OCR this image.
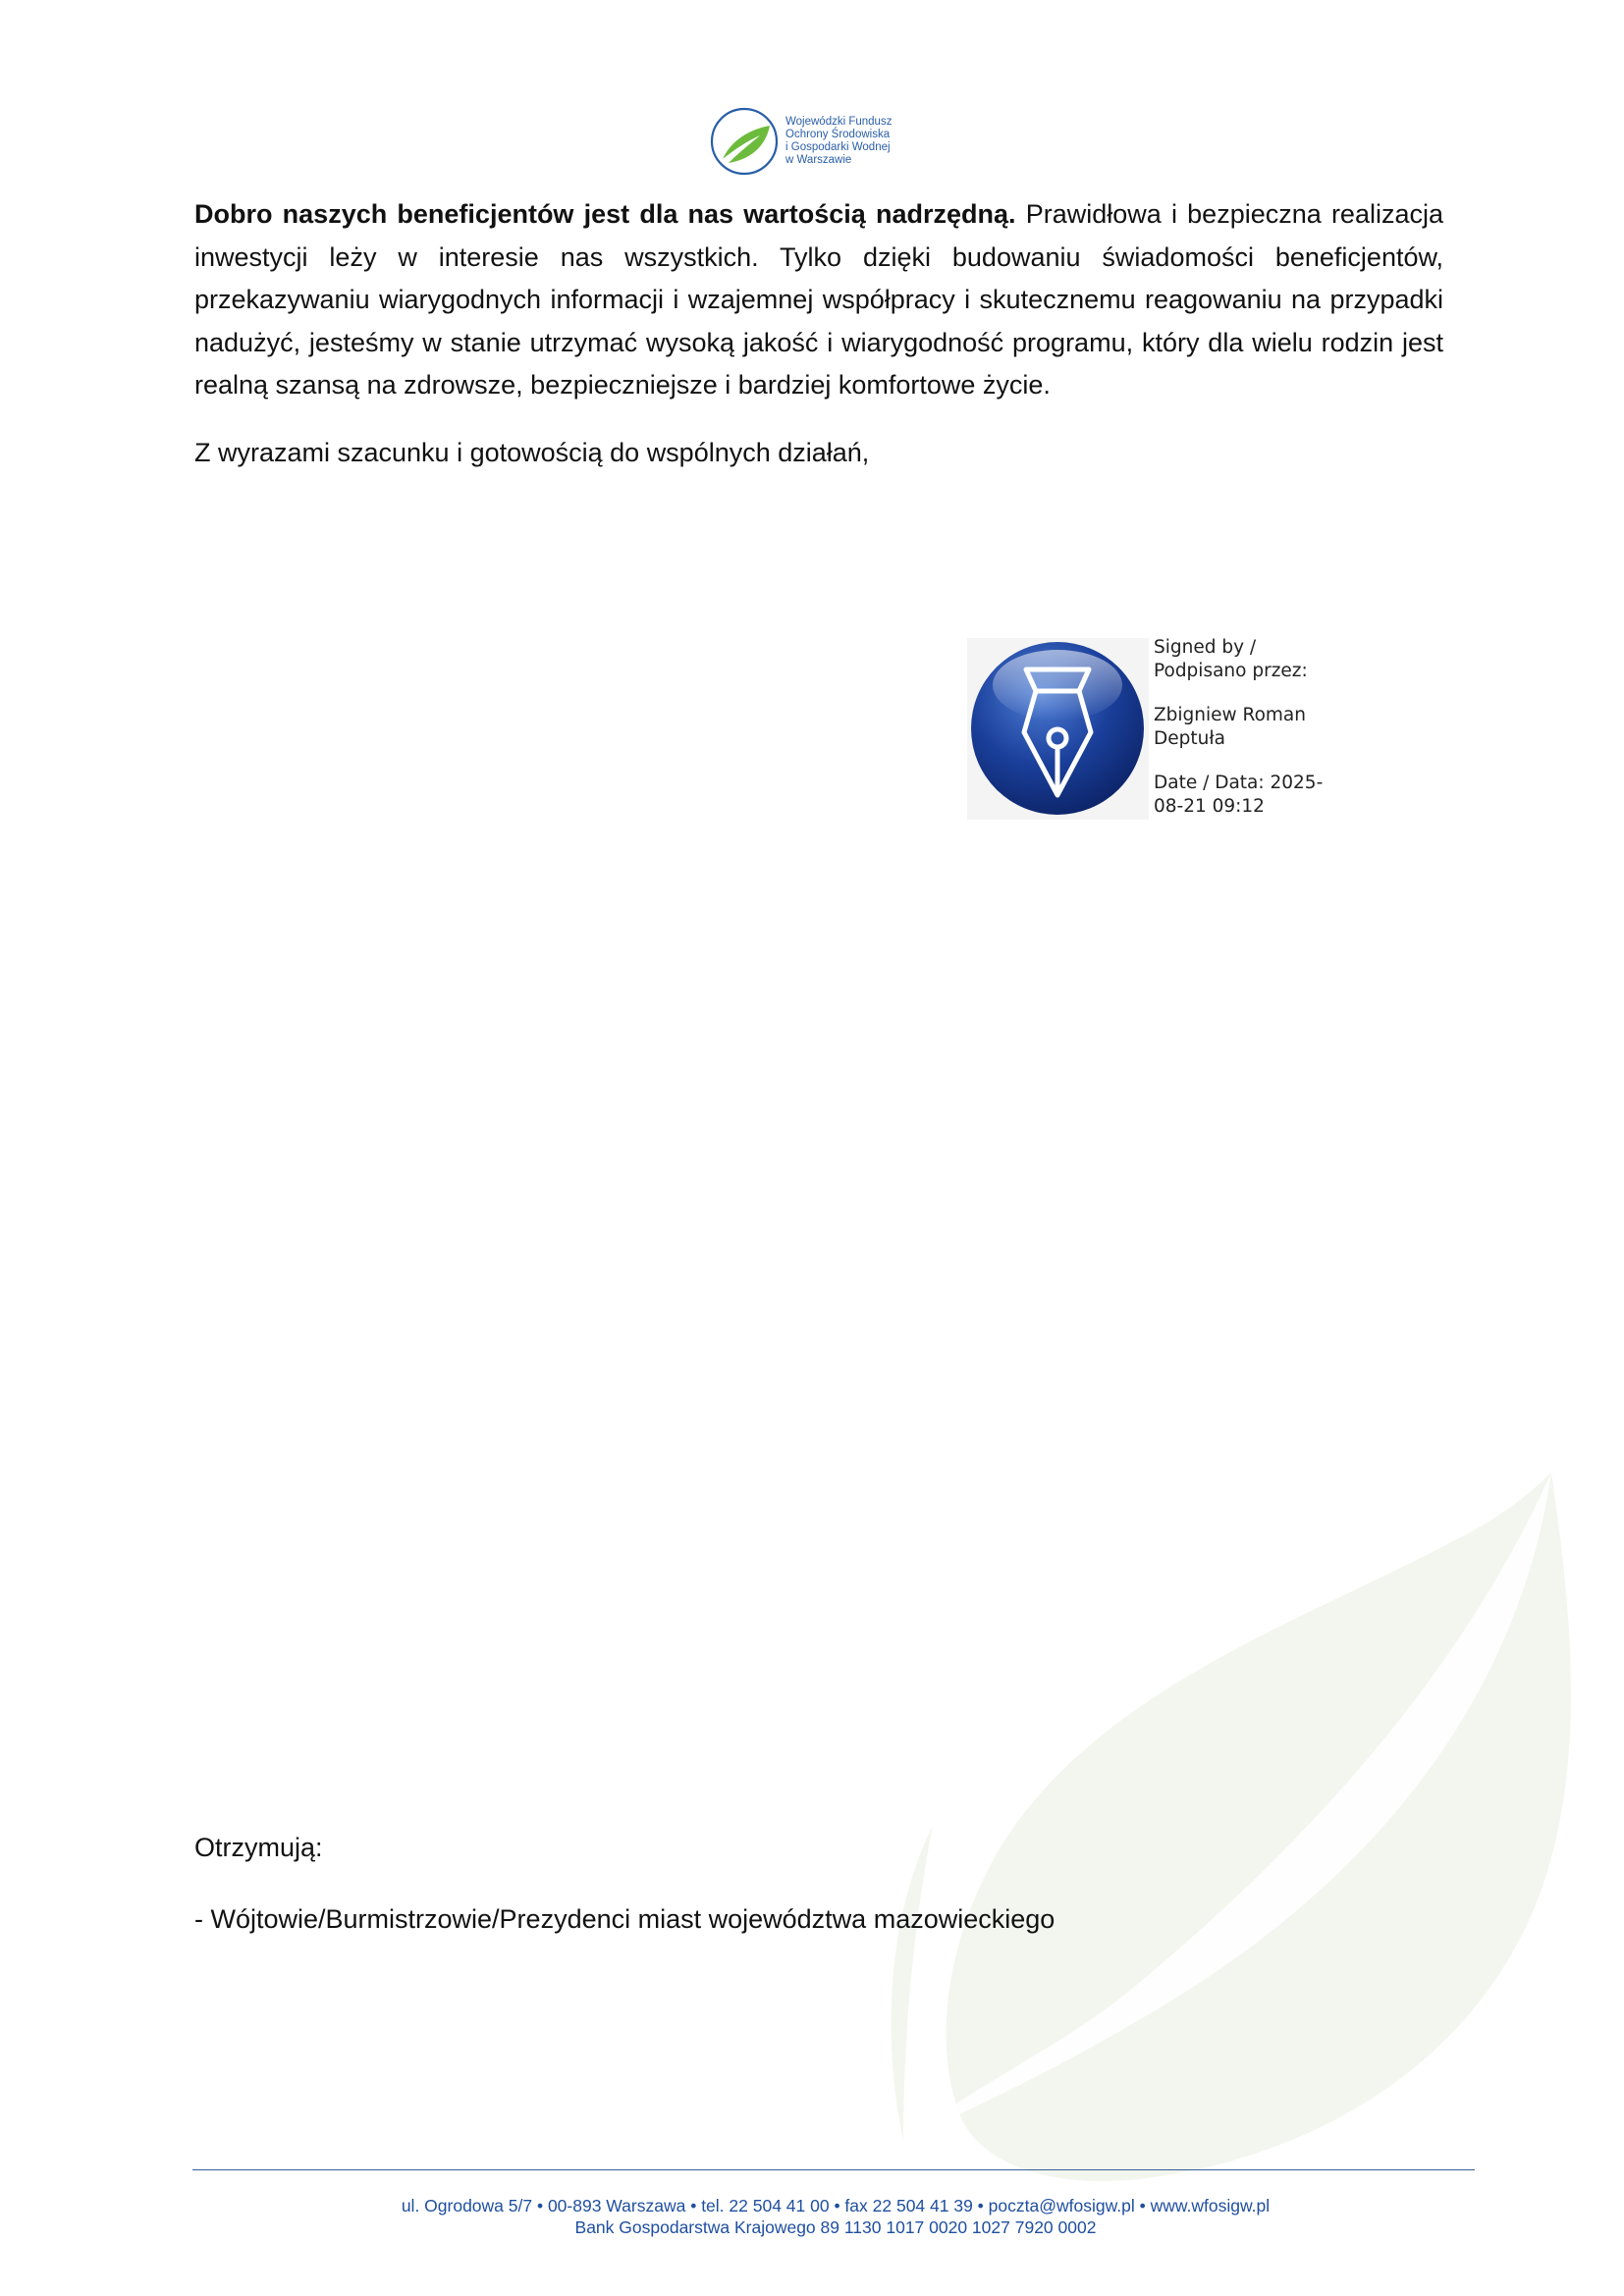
Wojewódzki Fundusz
Ochrony Środowiska
i Gospodarki Wodnej
w Warszawie
Dobro naszych beneficjentów jest dla nas wartością nadrzędną. Prawidłowa i bezpieczna realizacja inwestycji leży w interesie nas wszystkich. Tylko dzięki budowaniu świadomości beneficjentów, przekazywaniu wiarygodnych informacji i wzajemnej współpracy i skutecznemu reagowaniu na przypadki nadużyć, jesteśmy w stanie utrzymać wysoką jakość i wiarygodność programu, który dla wielu rodzin jest realną szansą na zdrowsze, bezpieczniejsze i bardziej komfortowe życie.
Z wyrazami szacunku i gotowością do wspólnych działań,
Signed by /
Podpisano przez:
Zbigniew Roman
Deptuła
Date / Data: 2025-
08-21 09:12
Otrzymują:
- Wójtowie/Burmistrzowie/Prezydenci miast województwa mazowieckiego
ul. Ogrodowa 5/7 • 00-893 Warszawa • tel. 22 504 41 00 • fax 22 504 41 39 • poczta@wfosigw.pl • www.wfosigw.pl
Bank Gospodarstwa Krajowego 89 1130 1017 0020 1027 7920 0002
